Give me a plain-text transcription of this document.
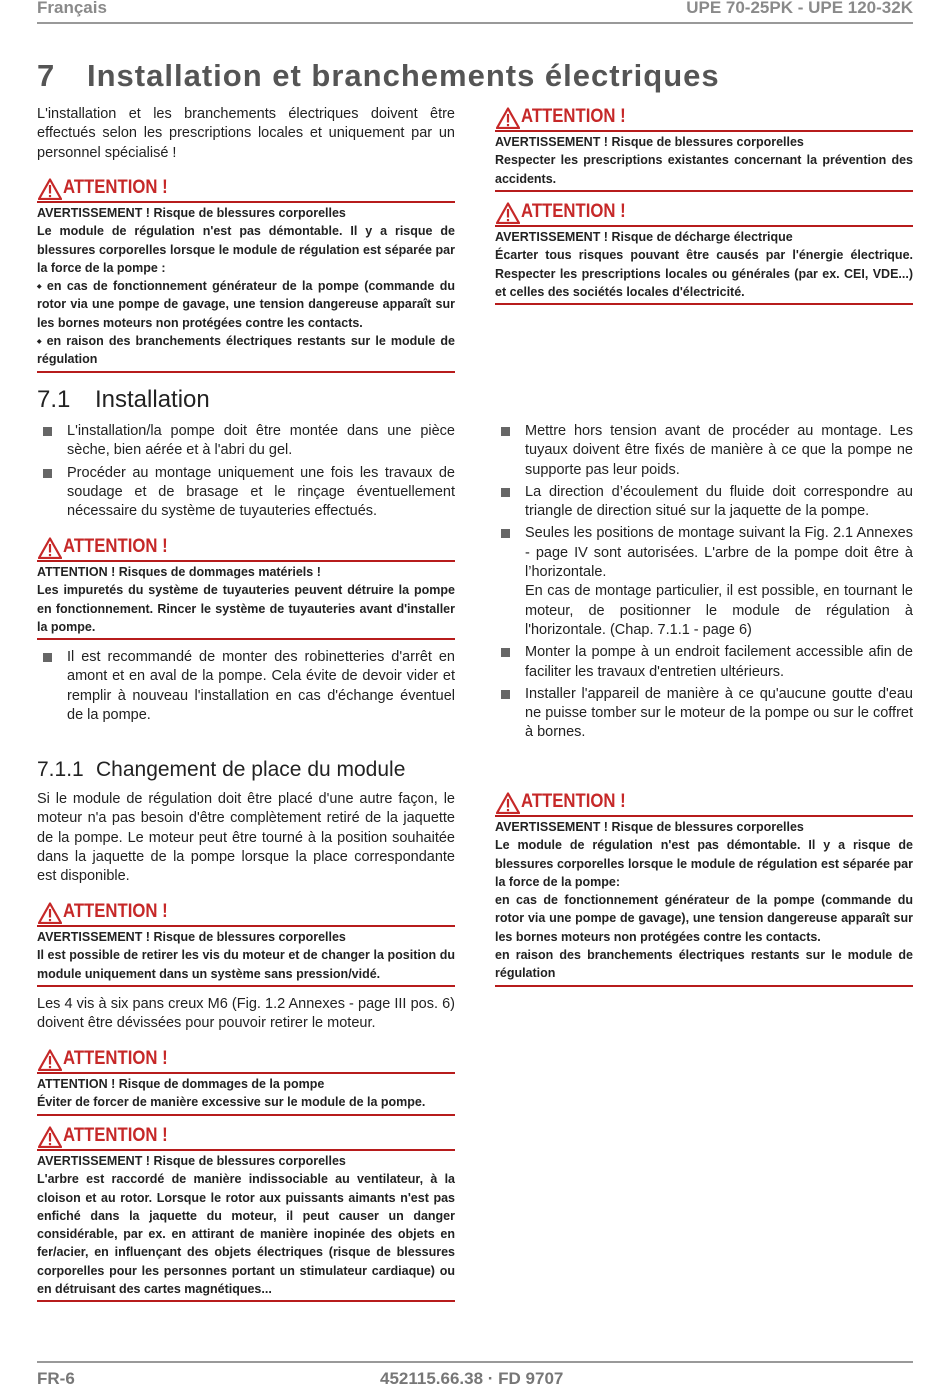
Français	UPE 70-25PK - UPE 120-32K
7 Installation et branchements électriques

L'installation et les branchements électriques doivent être effectués selon les prescriptions locales et uniquement par un personnel spécialisé !

ATTENTION !
AVERTISSEMENT ! Risque de blessures corporelles
Le module de régulation n'est pas démontable. Il y a risque de blessures corporelles lorsque le module de régulation est séparée par la force de la pompe :
⬩ en cas de fonctionnement générateur de la pompe (commande du rotor via une pompe de gavage, une tension dangereuse apparaît sur les bornes moteurs non protégées contre les contacts.
⬩ en raison des branchements électriques restants sur le module de régulation
ATTENTION !
AVERTISSEMENT ! Risque de blessures corporelles
Respecter les prescriptions existantes concernant la prévention des accidents.
ATTENTION !
AVERTISSEMENT ! Risque de décharge électrique
Écarter tous risques pouvant être causés par l'énergie électrique. Respecter les prescriptions locales ou générales (par ex. CEI, VDE...) et celles des sociétés locales d'électricité.
7.1 Installation
L'installation/la pompe doit être montée dans une pièce sèche, bien aérée et à l'abri du gel.
Procéder au montage uniquement une fois les travaux de soudage et de brasage et le rinçage éventuellement nécessaire du système de tuyauteries effectués.
ATTENTION !
ATTENTION ! Risques de dommages matériels !
Les impuretés du système de tuyauteries peuvent détruire la pompe en fonctionnement. Rincer le système de tuyauteries avant d'installer la pompe.
Il est recommandé de monter des robinetteries d'arrêt en amont et en aval de la pompe. Cela évite de devoir vider et remplir à nouveau l'installation en cas d'échange éventuel de la pompe.
Mettre hors tension avant de procéder au montage. Les tuyaux doivent être fixés de manière à ce que la pompe ne supporte pas leur poids.
La direction d’écoulement du fluide doit correspondre au triangle de direction situé sur la jaquette de la pompe.
Seules les positions de montage suivant la Fig. 2.1 Annexes - page IV sont autorisées. L'arbre de la pompe doit être à l’horizontale.
En cas de montage particulier, il est possible, en tournant le moteur, de positionner le module de régulation à l'horizontale. (Chap. 7.1.1 - page 6)
Monter la pompe à un endroit facilement accessible afin de faciliter les travaux d'entretien ultérieurs.
Installer l'appareil de manière à ce qu'aucune goutte d'eau ne puisse tomber sur le moteur de la pompe ou sur le coffret à bornes.
7.1.1 Changement de place du module

Si le module de régulation doit être placé d'une autre façon, le moteur n'a pas besoin d'être complètement retiré de la jaquette de la pompe. Le moteur peut être tourné à la position souhaitée dans la jaquette de la pompe lorsque la place correspondante est disponible.

ATTENTION !
AVERTISSEMENT ! Risque de blessures corporelles
Il est possible de retirer les vis du moteur et de changer la position du module uniquement dans un système sans pression/vidé.

Les 4 vis à six pans creux M6 (Fig. 1.2 Annexes - page III pos. 6) doivent être dévissées pour pouvoir retirer le moteur.

ATTENTION !
ATTENTION ! Risque de dommages de la pompe
Éviter de forcer de manière excessive sur le module de la pompe.
ATTENTION !
AVERTISSEMENT ! Risque de blessures corporelles
L'arbre est raccordé de manière indissociable au ventilateur, à la cloison et au rotor. Lorsque le rotor aux puissants aimants n'est pas enfiché dans la jaquette du moteur, il peut causer un danger considérable, par ex. en attirant de manière inopinée des objets en fer/acier, en influençant des objets électriques (risque de blessures corporelles pour les personnes portant un stimulateur cardiaque) ou en détruisant des cartes magnétiques...
ATTENTION !
AVERTISSEMENT ! Risque de blessures corporelles
Le module de régulation n'est pas démontable. Il y a risque de blessures corporelles lorsque le module de régulation est séparée par la force de la pompe:
en cas de fonctionnement générateur de la pompe (commande du rotor via une pompe de gavage), une tension dangereuse apparaît sur les bornes moteurs non protégées contre les contacts.
en raison des branchements électriques restants sur le module de régulation
FR-6	452115.66.38 · FD 9707
